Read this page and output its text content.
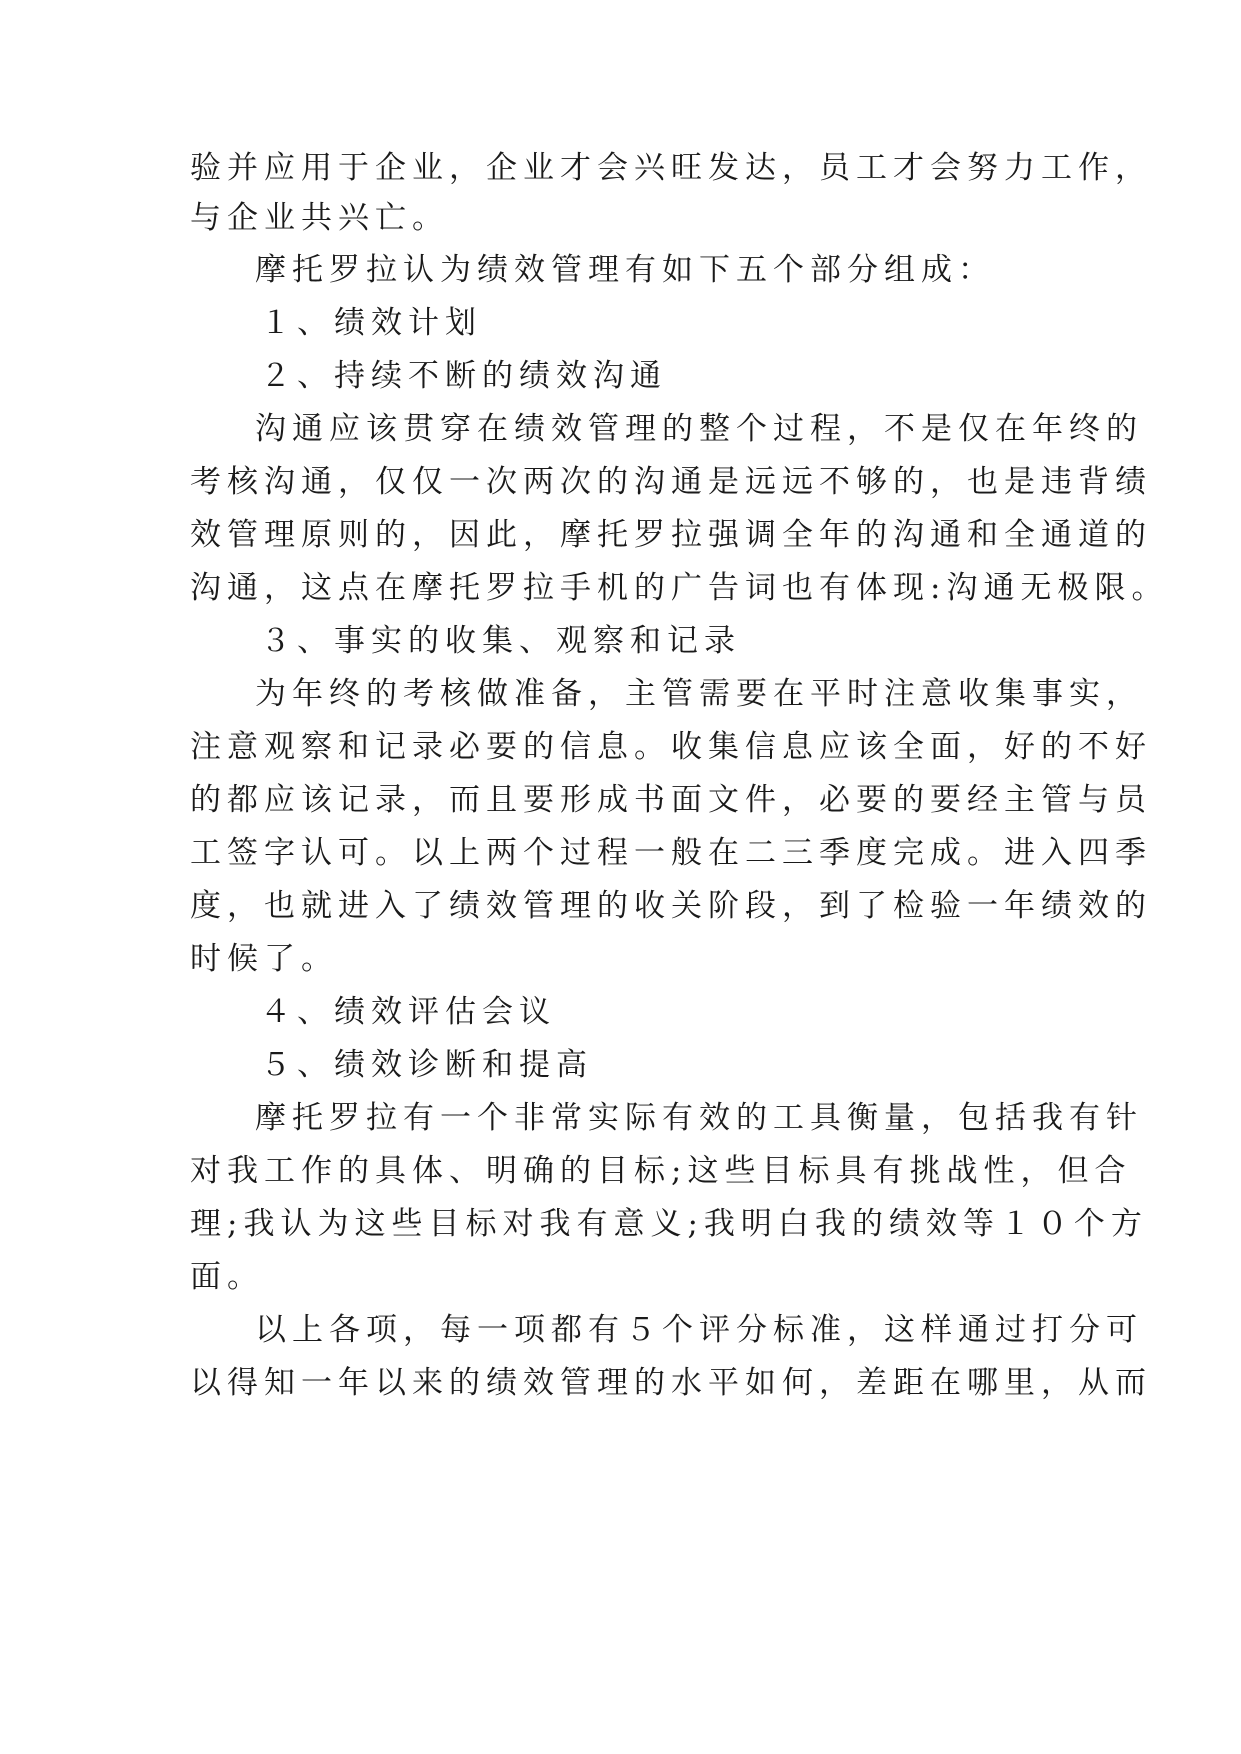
验并应用于企业，企业才会兴旺发达，员工才会努力工作，
与企业共兴亡。
摩托罗拉认为绩效管理有如下五个部分组成：
１、绩效计划
２、持续不断的绩效沟通
沟通应该贯穿在绩效管理的整个过程，不是仅在年终的
考核沟通，仅仅一次两次的沟通是远远不够的，也是违背绩
效管理原则的，因此，摩托罗拉强调全年的沟通和全通道的
沟通，这点在摩托罗拉手机的广告词也有体现:沟通无极限。
３、事实的收集、观察和记录
为年终的考核做准备，主管需要在平时注意收集事实，
注意观察和记录必要的信息。收集信息应该全面，好的不好
的都应该记录，而且要形成书面文件，必要的要经主管与员
工签字认可。以上两个过程一般在二三季度完成。进入四季
度，也就进入了绩效管理的收关阶段，到了检验一年绩效的
时候了。
４、绩效评估会议
５、绩效诊断和提高
摩托罗拉有一个非常实际有效的工具衡量，包括我有针
对我工作的具体、明确的目标;这些目标具有挑战性，但合
理;我认为这些目标对我有意义;我明白我的绩效等１０个方
面。
以上各项，每一项都有５个评分标准，这样通过打分可
以得知一年以来的绩效管理的水平如何，差距在哪里，从而
